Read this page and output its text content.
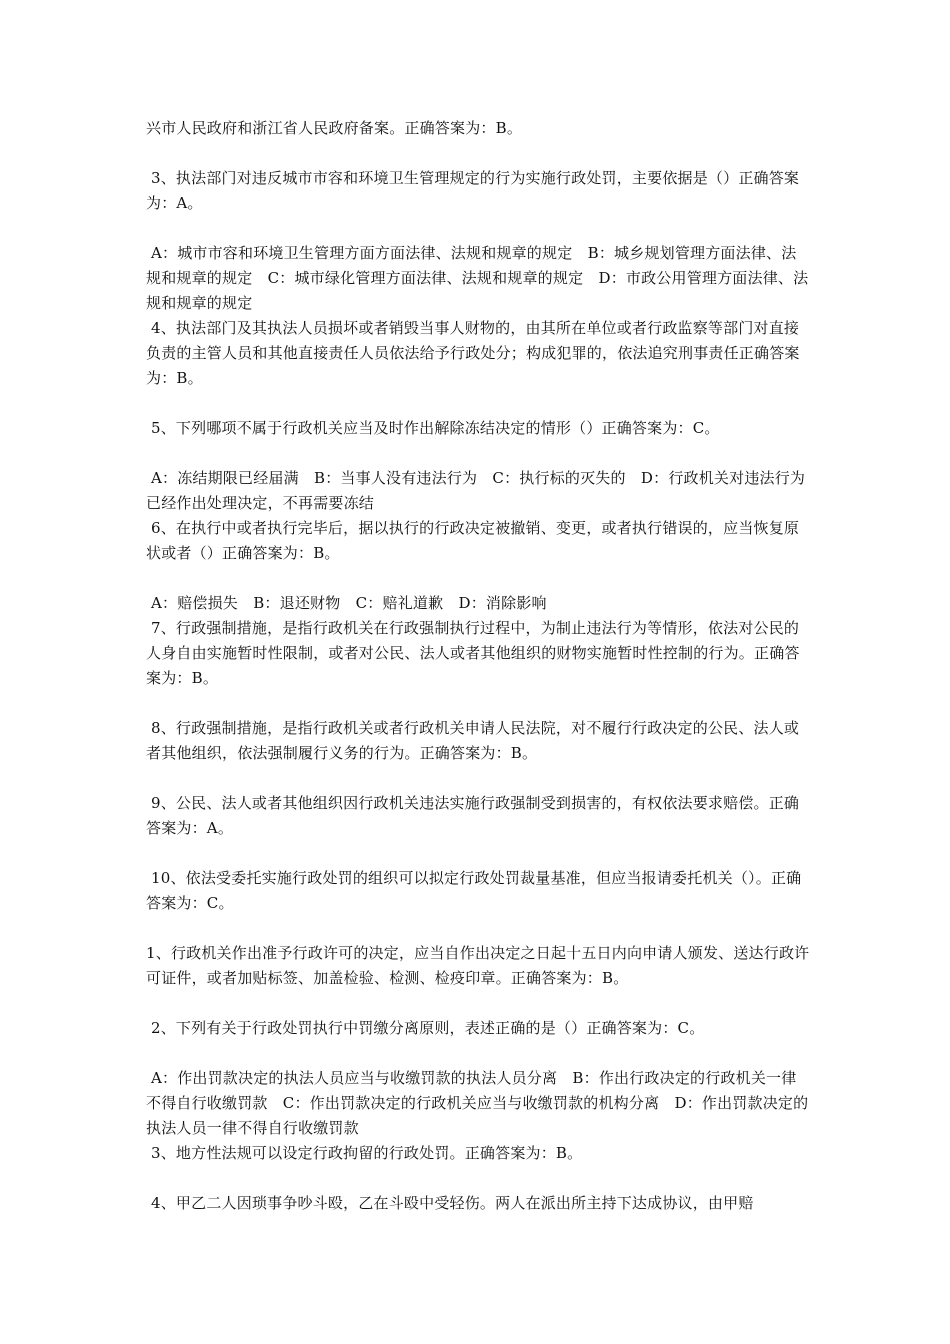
兴市人民政府和浙江省人民政府备案。正确答案为：B。

3、执法部门对违反城市市容和环境卫生管理规定的行为实施行政处罚，主要依据是（）正确答案为：A。

A：城市市容和环境卫生管理方面方面法律、法规和规章的规定　B：城乡规划管理方面法律、法规和规章的规定　C：城市绿化管理方面法律、法规和规章的规定　D：市政公用管理方面法律、法规和规章的规定

4、执法部门及其执法人员损坏或者销毁当事人财物的，由其所在单位或者行政监察等部门对直接负责的主管人员和其他直接责任人员依法给予行政处分；构成犯罪的，依法追究刑事责任正确答案为：B。

5、下列哪项不属于行政机关应当及时作出解除冻结决定的情形（）正确答案为：C。

A：冻结期限已经届满　B：当事人没有违法行为　C：执行标的灭失的　D：行政机关对违法行为已经作出处理决定，不再需要冻结

6、在执行中或者执行完毕后，据以执行的行政决定被撤销、变更，或者执行错误的，应当恢复原状或者（）正确答案为：B。

A：赔偿损失　B：退还财物　C：赔礼道歉　D：消除影响

7、行政强制措施，是指行政机关在行政强制执行过程中，为制止违法行为等情形，依法对公民的人身自由实施暂时性限制，或者对公民、法人或者其他组织的财物实施暂时性控制的行为。正确答案为：B。

8、行政强制措施，是指行政机关或者行政机关申请人民法院，对不履行行政决定的公民、法人或者其他组织，依法强制履行义务的行为。正确答案为：B。

9、公民、法人或者其他组织因行政机关违法实施行政强制受到损害的，有权依法要求赔偿。正确答案为：A。

10、依法受委托实施行政处罚的组织可以拟定行政处罚裁量基准，但应当报请委托机关（）。正确答案为：C。

1、行政机关作出准予行政许可的决定，应当自作出决定之日起十五日内向申请人颁发、送达行政许可证件，或者加贴标签、加盖检验、检测、检疫印章。正确答案为：B。

2、下列有关于行政处罚执行中罚缴分离原则，表述正确的是（）正确答案为：C。

A：作出罚款决定的执法人员应当与收缴罚款的执法人员分离　B：作出行政决定的行政机关一律不得自行收缴罚款　C：作出罚款决定的行政机关应当与收缴罚款的机构分离　D：作出罚款决定的执法人员一律不得自行收缴罚款

3、地方性法规可以设定行政拘留的行政处罚。正确答案为：B。

4、甲乙二人因琐事争吵斗殴，乙在斗殴中受轻伤。两人在派出所主持下达成协议，由甲赔
